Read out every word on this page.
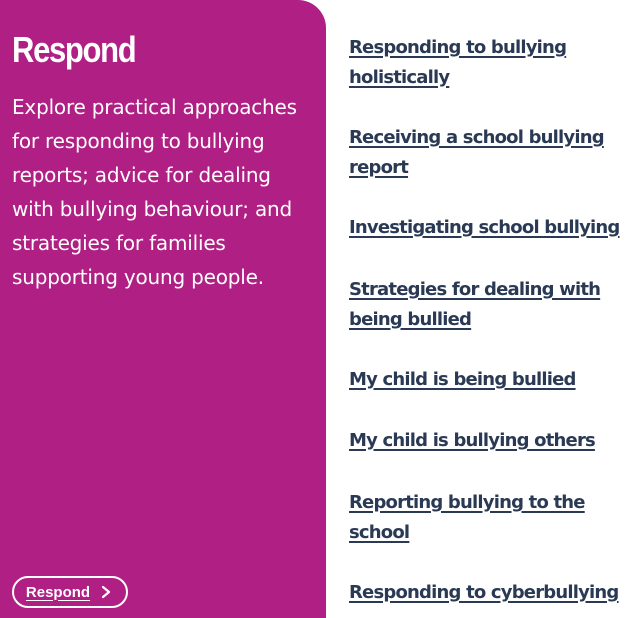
Respond

Explore practical approaches for responding to bullying reports; advice for dealing with bullying behaviour; and strategies for families supporting young people.

Respond
Responding to bullying holistically
Receiving a school bullying report
Investigating school bullying
Strategies for dealing with being bullied
My child is being bullied
My child is bullying others
Reporting bullying to the school
Responding to cyberbullying
